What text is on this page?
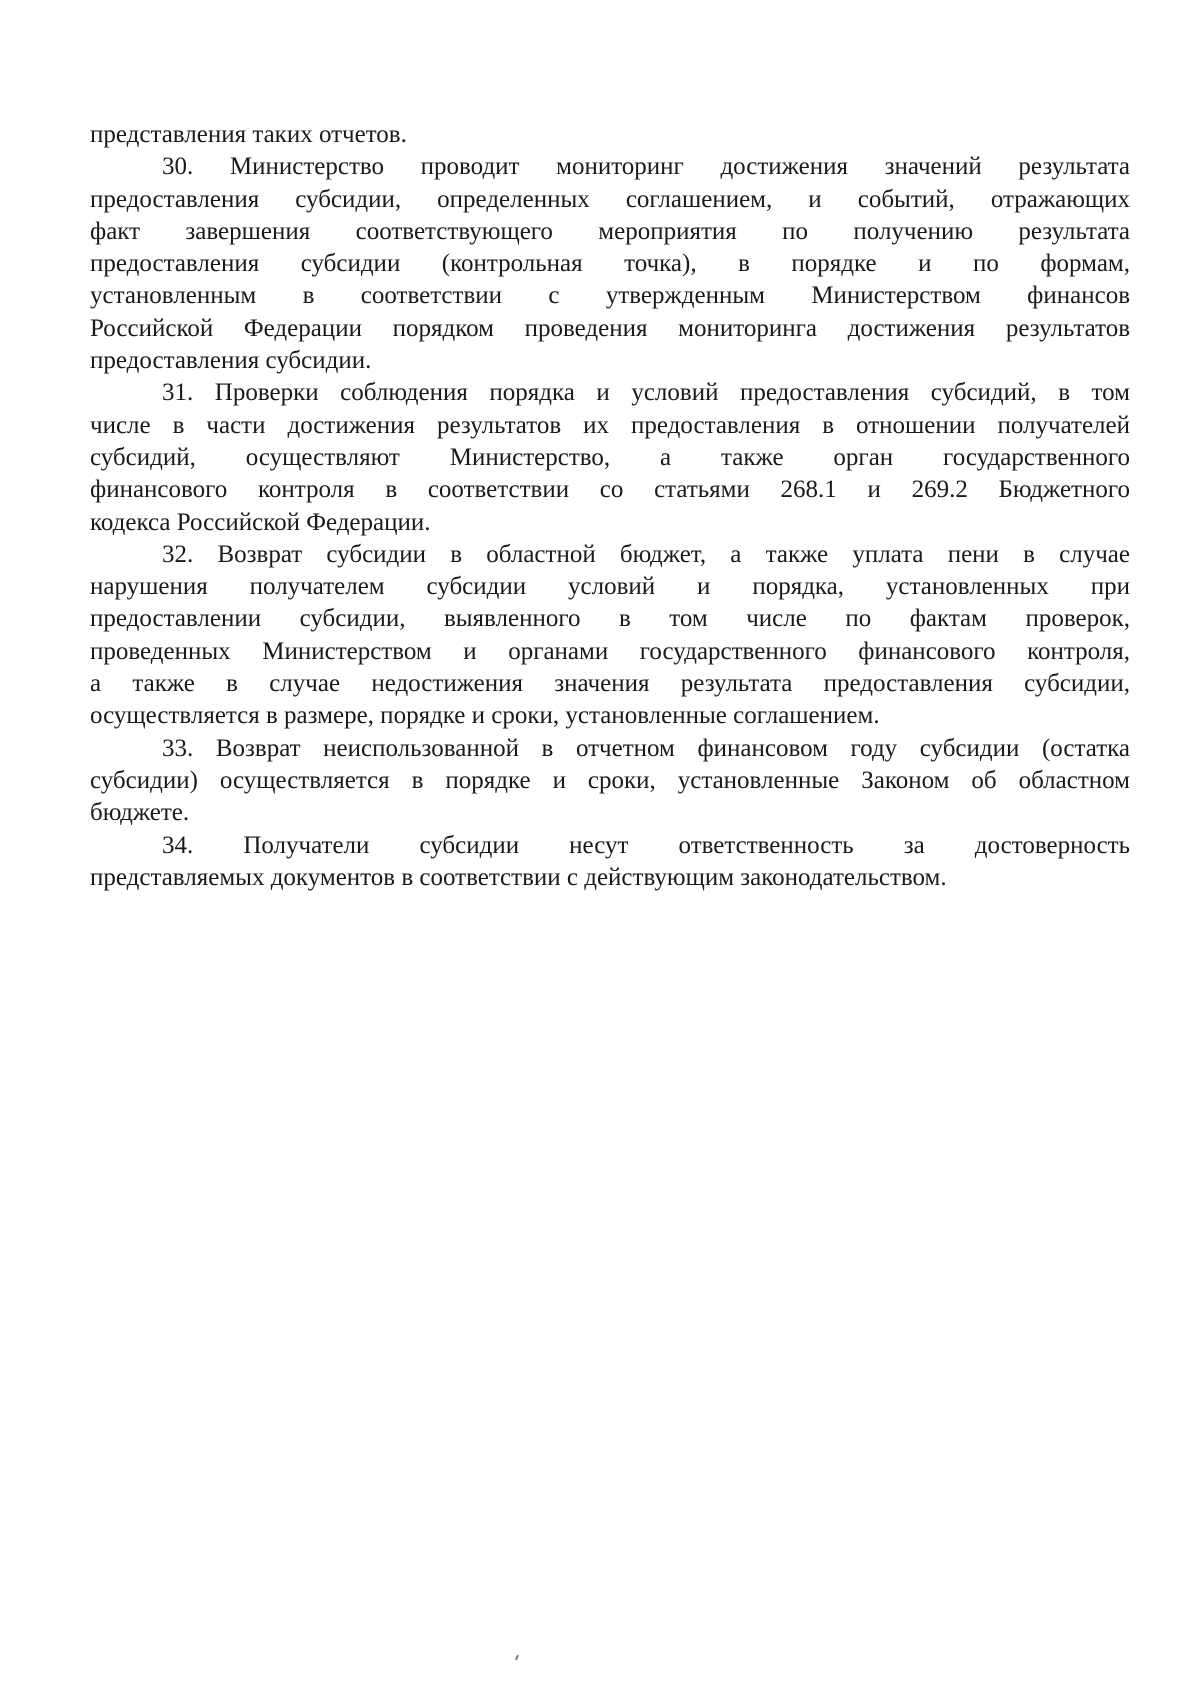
представления таких отчетов.
30. Министерство проводит мониторинг достижения значений результата
предоставления субсидии, определенных соглашением, и событий, отражающих
факт завершения соответствующего мероприятия по получению результата
предоставления субсидии (контрольная точка), в порядке и по формам,
установленным в соответствии с утвержденным Министерством финансов
Российской Федерации порядком проведения мониторинга достижения результатов
предоставления субсидии.
31. Проверки соблюдения порядка и условий предоставления субсидий, в том
числе в части достижения результатов их предоставления в отношении получателей
субсидий, осуществляют Министерство, а также орган государственного
финансового контроля в соответствии со статьями 268.1 и 269.2 Бюджетного
кодекса Российской Федерации.
32. Возврат субсидии в областной бюджет, а также уплата пени в случае
нарушения получателем субсидии условий и порядка, установленных при
предоставлении субсидии, выявленного в том числе по фактам проверок,
проведенных Министерством и органами государственного финансового контроля,
а также в случае недостижения значения результата предоставления субсидии,
осуществляется в размере, порядке и сроки, установленные соглашением.
33. Возврат неиспользованной в отчетном финансовом году субсидии (остатка
субсидии) осуществляется в порядке и сроки, установленные Законом об областном
бюджете.
34. Получатели субсидии несут ответственность за достоверность
представляемых документов в соответствии с действующим законодательством.
